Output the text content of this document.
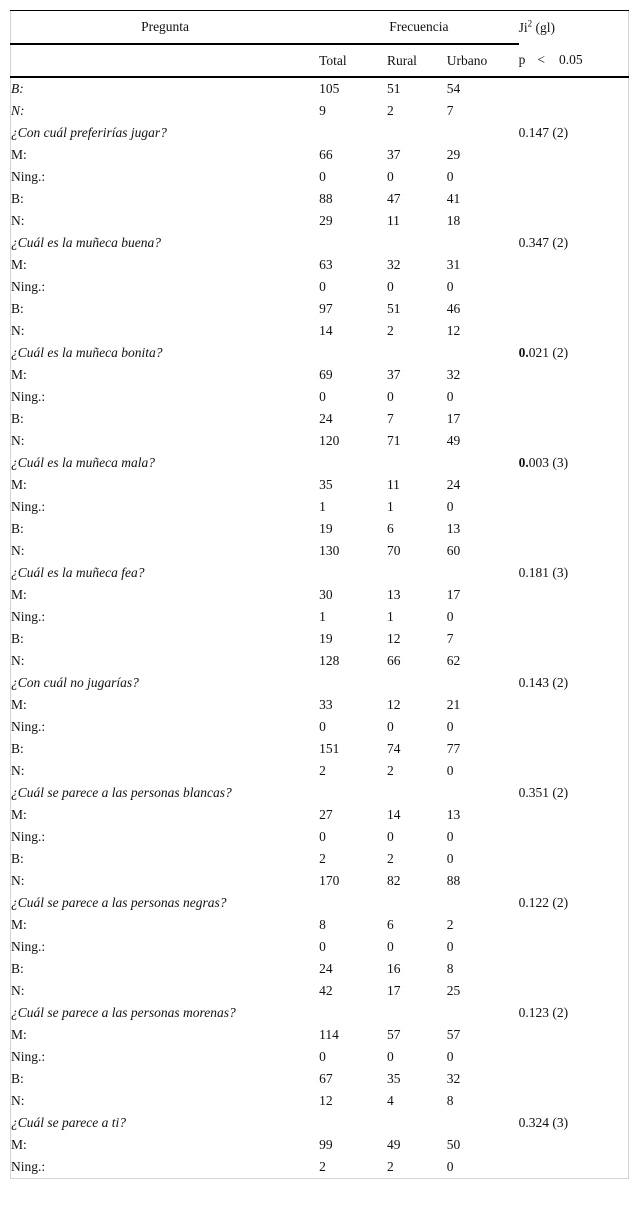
Pregunta	Frecuencia			Ji$^2$ (gl)
	Total	Rural	Urbano	p < 0.05
B:	105	51	54	
N:	9	2	7	
¿Con cuál preferirías jugar?				0.147 (2)
M:	66	37	29	
Ning.:	0	0	0	
B:	88	47	41	
N:	29	11	18	
¿Cuál es la muñeca buena?				0.347 (2)
M:	63	32	31	
Ning.:	0	0	0	
B:	97	51	46	
N:	14	2	12	
¿Cuál es la muñeca bonita?				0.021 (2)
M:	69	37	32	
Ning.:	0	0	0	
B:	24	7	17	
N:	120	71	49	
¿Cuál es la muñeca mala?				0.003 (3)
M:	35	11	24	
Ning.:	1	1	0	
B:	19	6	13	
N:	130	70	60	
¿Cuál es la muñeca fea?				0.181 (3)
M:	30	13	17	
Ning.:	1	1	0	
B:	19	12	7	
N:	128	66	62	
¿Con cuál no jugarías?				0.143 (2)
M:	33	12	21	
Ning.:	0	0	0	
B:	151	74	77	
N:	2	2	0	
¿Cuál se parece a las personas blancas?				0.351 (2)
M:	27	14	13	
Ning.:	0	0	0	
B:	2	2	0	
N:	170	82	88	
¿Cuál se parece a las personas negras?				0.122 (2)
M:	8	6	2	
Ning.:	0	0	0	
B:	24	16	8	
N:	42	17	25	
¿Cuál se parece a las personas morenas?				0.123 (2)
M:	114	57	57	
Ning.:	0	0	0	
B:	67	35	32	
N:	12	4	8	
¿Cuál se parece a ti?				0.324 (3)
M:	99	49	50	
Ning.:	2	2	0	
